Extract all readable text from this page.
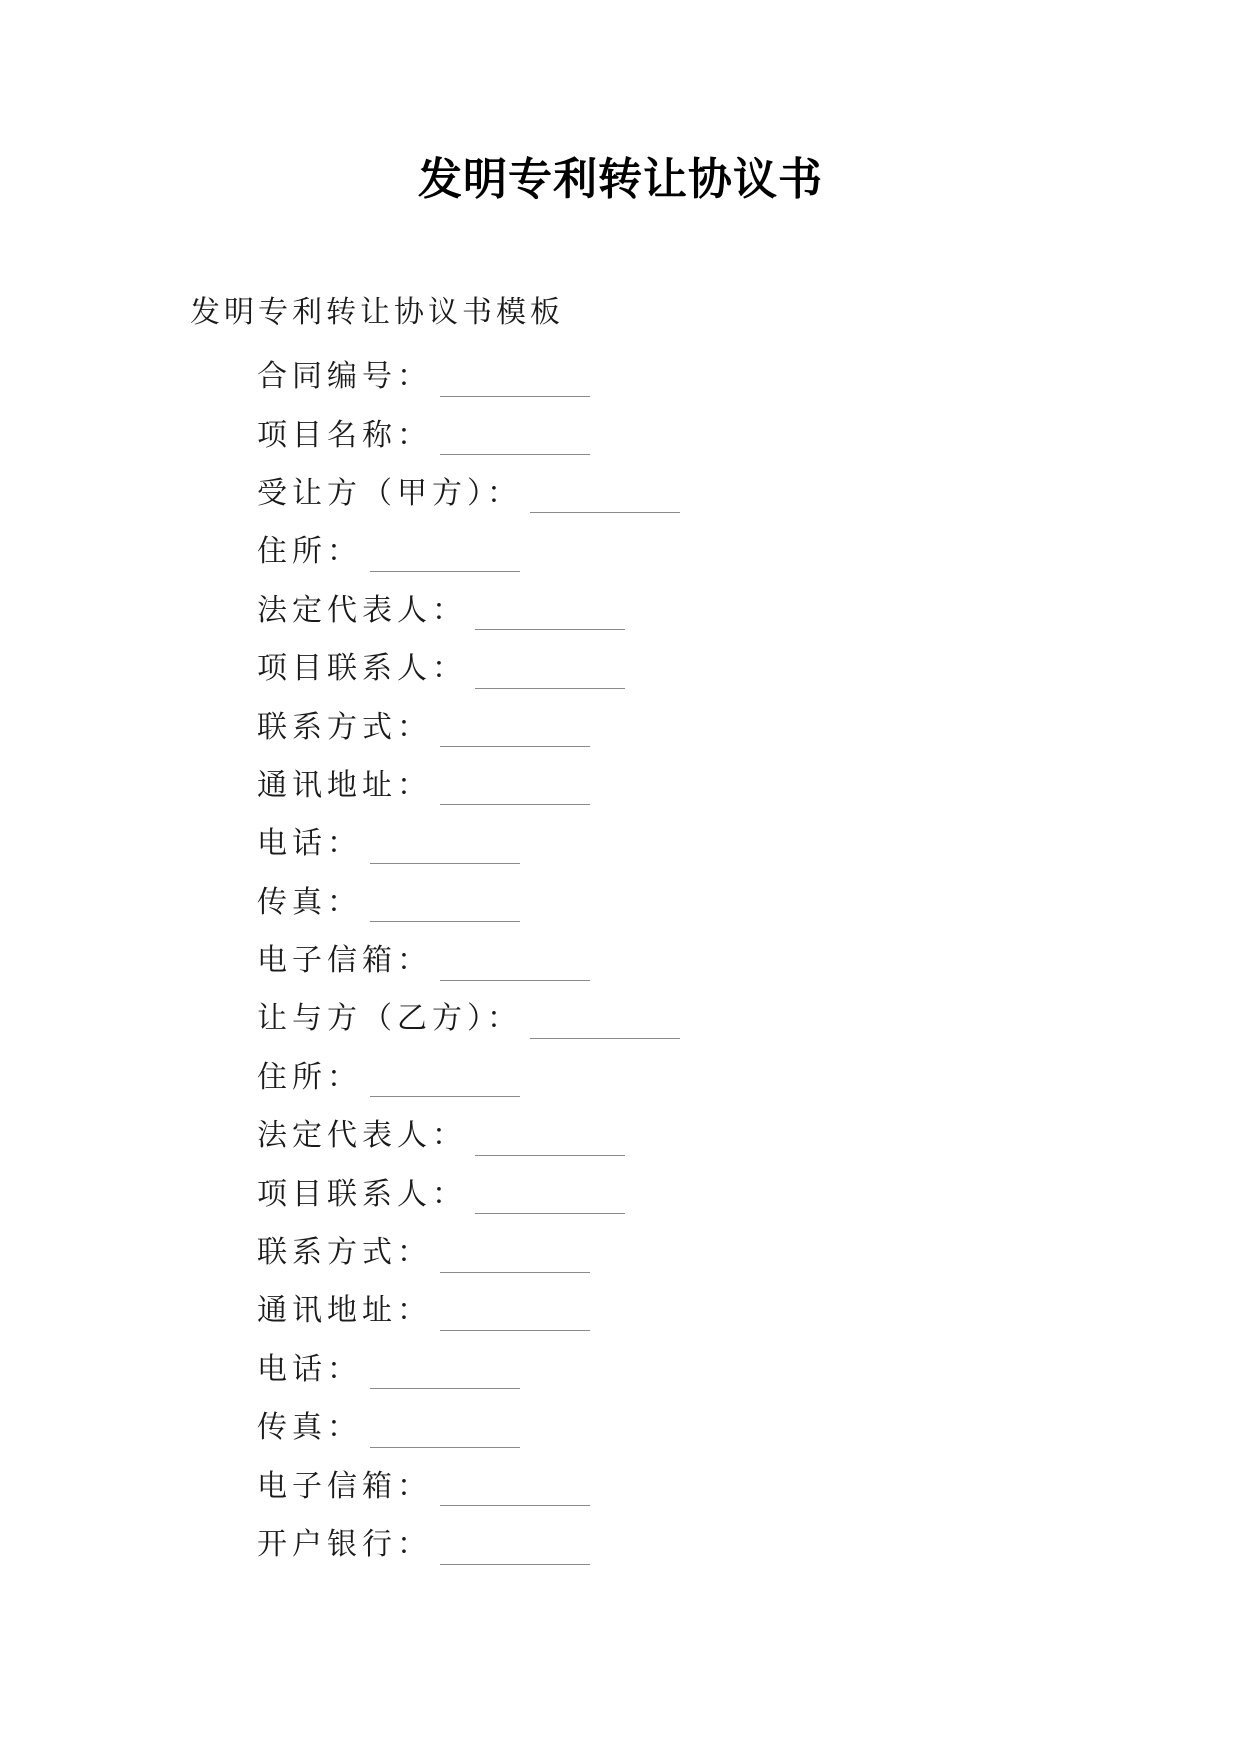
发明专利转让协议书
发明专利转让协议书模板
合同编号：
项目名称：
受让方（甲方）：
住所：
法定代表人：
项目联系人：
联系方式：
通讯地址：
电话：
传真：
电子信箱：
让与方（乙方）：
住所：
法定代表人：
项目联系人：
联系方式：
通讯地址：
电话：
传真：
电子信箱：
开户银行：
